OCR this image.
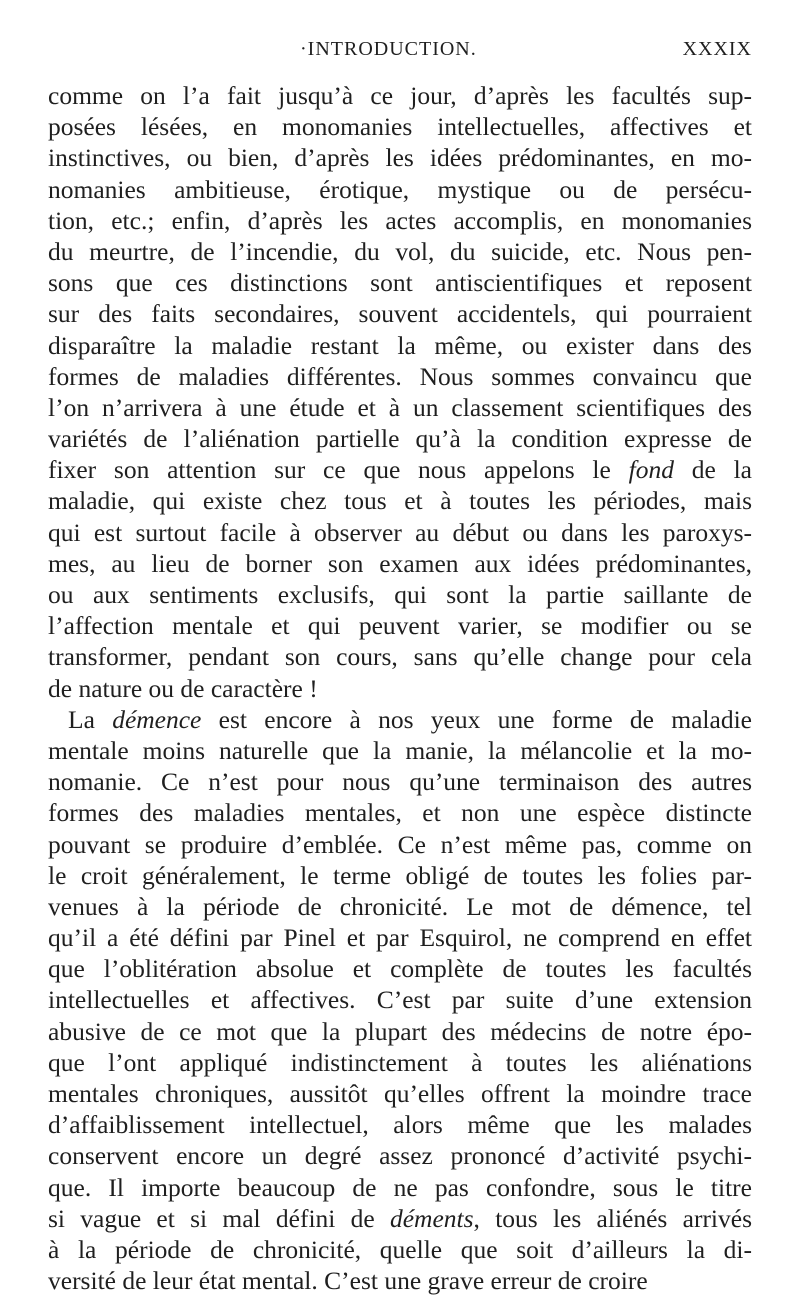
·INTRODUCTION.	XXXIX
comme on l’a fait jusqu’à ce jour, d’après les facultés sup-
posées lésées, en monomanies intellectuelles, affectives et
instinctives, ou bien, d’après les idées prédominantes, en mo-
nomanies ambitieuse, érotique, mystique ou de persécu-
tion, etc.; enfin, d’après les actes accomplis, en monomanies
du meurtre, de l’incendie, du vol, du suicide, etc. Nous pen-
sons que ces distinctions sont antiscientifiques et reposent
sur des faits secondaires, souvent accidentels, qui pourraient
disparaître la maladie restant la même, ou exister dans des
formes de maladies différentes. Nous sommes convaincu que
l’on n’arrivera à une étude et à un classement scientifiques des
variétés de l’aliénation partielle qu’à la condition expresse de
fixer son attention sur ce que nous appelons le fond de la
maladie, qui existe chez tous et à toutes les périodes, mais
qui est surtout facile à observer au début ou dans les paroxys-
mes, au lieu de borner son examen aux idées prédominantes,
ou aux sentiments exclusifs, qui sont la partie saillante de
l’affection mentale et qui peuvent varier, se modifier ou se
transformer, pendant son cours, sans qu’elle change pour cela
de nature ou de caractère !
La démence est encore à nos yeux une forme de maladie
mentale moins naturelle que la manie, la mélancolie et la mo-
nomanie. Ce n’est pour nous qu’une terminaison des autres
formes des maladies mentales, et non une espèce distincte
pouvant se produire d’emblée. Ce n’est même pas, comme on
le croit généralement, le terme obligé de toutes les folies par-
venues à la période de chronicité. Le mot de démence, tel
qu’il a été défini par Pinel et par Esquirol, ne comprend en effet
que l’oblitération absolue et complète de toutes les facultés
intellectuelles et affectives. C’est par suite d’une extension
abusive de ce mot que la plupart des médecins de notre épo-
que l’ont appliqué indistinctement à toutes les aliénations
mentales chroniques, aussitôt qu’elles offrent la moindre trace
d’affaiblissement intellectuel, alors même que les malades
conservent encore un degré assez prononcé d’activité psychi-
que. Il importe beaucoup de ne pas confondre, sous le titre
si vague et si mal défini de déments, tous les aliénés arrivés
à la période de chronicité, quelle que soit d’ailleurs la di-
versité de leur état mental. C’est une grave erreur de croire
